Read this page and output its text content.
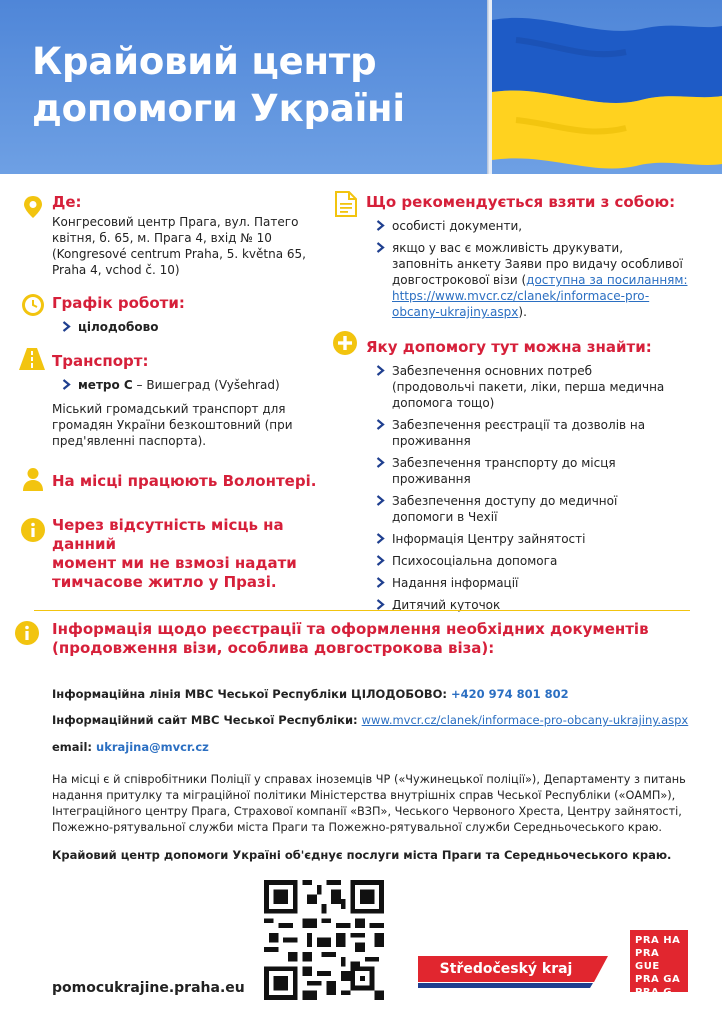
Крайовий центр
допомоги Україні
Де:
Конгресовий центр Прага, вул. Патего
квітня, б. 65, м. Прага 4, вхід № 10
(Kongresové centrum Praha, 5. května 65,
Praha 4, vchod č. 10)
Графік роботи:
цілодобово
Транспорт:
метро C – Вишеград (Vyšehrad)
Міський громадський транспорт для
громадян України безкоштовний (при
пред'явленні паспорта).
На місці працюють Волонтері.
Через відсутність місць на данний
момент ми не взмозі надати
тимчасове житло у Празі.
Що рекомендується взяти з собою:
особисті документи,
якщо у вас є можливість друкувати,
заповніть анкету Заяви про видачу особливої
довгострокової візи (доступна за посиланням:
https://www.mvcr.cz/clanek/informace-pro-
obcany-ukrajiny.aspx).
Яку допомогу тут можна знайти:
Забезпечення основних потреб (продовольчі пакети, ліки, перша медична допомога тощо)
Забезпечення реєстрації та дозволів на проживання
Забезпечення транспорту до місця проживання
Забезпечення доступу до медичної допомоги в Чехії
Інформація Центру зайнятості
Психосоціальна допомога
Надання інформації
Дитячий куточок
Інформація щодо реєстрації та оформлення необхідних документів
(продовження візи, особлива довгострокова віза):
Інформаційна лінія МВС Чеської Республіки ЦІЛОДОБОВО: +420 974 801 802
Інформаційний сайт МВС Чеської Республіки: www.mvcr.cz/clanek/informace-pro-obcany-ukrajiny.aspx
email: ukrajina@mvcr.cz
На місці є й співробітники Поліції у справах іноземців ЧР («Чужинецької поліції»), Департаменту з питань
надання притулку та міграційної політики Міністерства внутрішніх справ Чеської Республіки («ОАМП»),
Інтеграційного центру Прага, Страхової компанії «ВЗП», Чеського Червоного Хреста, Центру зайнятості,
Пожежно-рятувальної служби міста Праги та Пожежно-рятувальної служби Середньочеського краю.
Крайовий центр допомоги Україні об'єднує послуги міста Праги та Середньочеського краю.
pomocukrajine.praha.eu
Středočeský kraj
PRA HA
PRA GUE
PRA GA
PRA G
